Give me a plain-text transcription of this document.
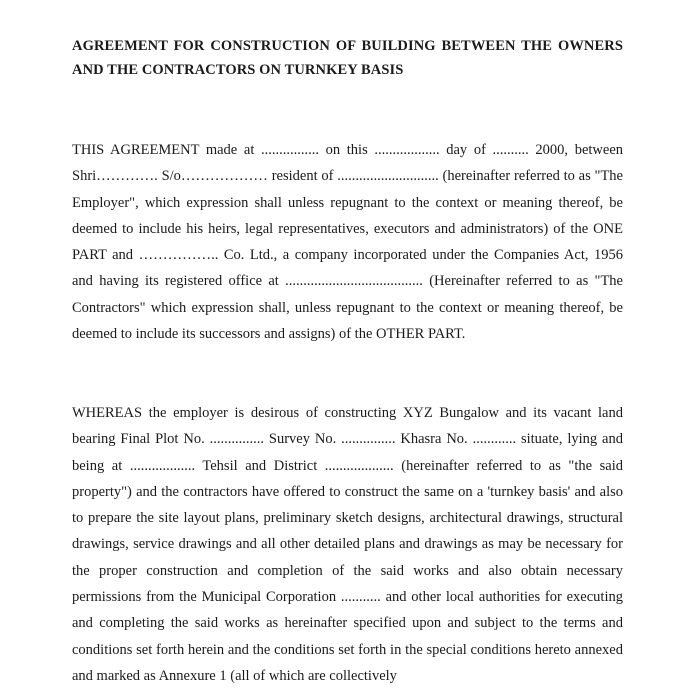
AGREEMENT FOR CONSTRUCTION OF BUILDING BETWEEN THE OWNERS AND THE CONTRACTORS ON TURNKEY BASIS

THIS AGREEMENT made at ................ on this .................. day of .......... 2000, between Shri…………. S/o……………… resident of ............................ (hereinafter referred to as "The Employer", which expression shall unless repugnant to the context or meaning thereof, be deemed to include his heirs, legal representatives, executors and administrators) of the ONE PART and …………….. Co. Ltd., a company incorporated under the Companies Act, 1956 and having its registered office at ...................................... (Hereinafter referred to as "The Contractors" which expression shall, unless repugnant to the context or meaning thereof, be deemed to include its successors and assigns) of the OTHER PART.

WHEREAS the employer is desirous of constructing XYZ Bungalow and its vacant land bearing Final Plot No. ............... Survey No. ............... Khasra No. ............ situate, lying and being at .................. Tehsil and District ................... (hereinafter referred to as "the said property") and the contractors have offered to construct the same on a 'turnkey basis' and also to prepare the site layout plans, preliminary sketch designs, architectural drawings, structural drawings, service drawings and all other detailed plans and drawings as may be necessary for the proper construction and completion of the said works and also obtain necessary permissions from the Municipal Corporation ........... and other local authorities for executing and completing the said works as hereinafter specified upon and subject to the terms and conditions set forth herein and the conditions set forth in the special conditions hereto annexed and marked as Annexure 1 (all of which are collectively
